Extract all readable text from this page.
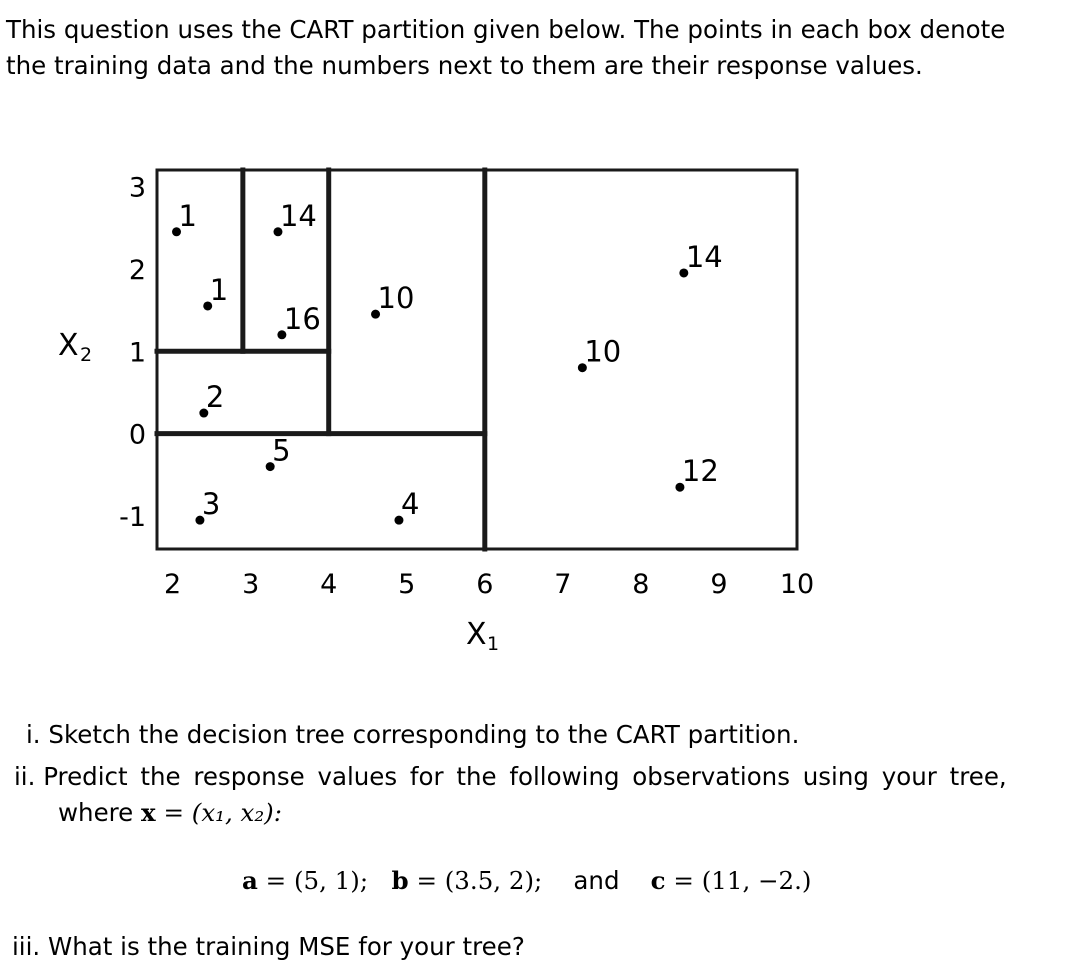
This question uses the CART partition given below. The points in each box denote
the training data and the numbers next to them are their response values.

1
1
14
16
2
3
5
10
4
10
14
12
2 3 4 5 6 7 8 9 10
3
2
1
0
-1
X 1
X 2
i. Sketch the decision tree corresponding to the CART partition.
ii. Predict the response values for the following observations using your tree,
where x = (x₁, x₂):
a = (5, 1); b = (3.5, 2); and c = (11, −2.)
iii. What is the training MSE for your tree?
